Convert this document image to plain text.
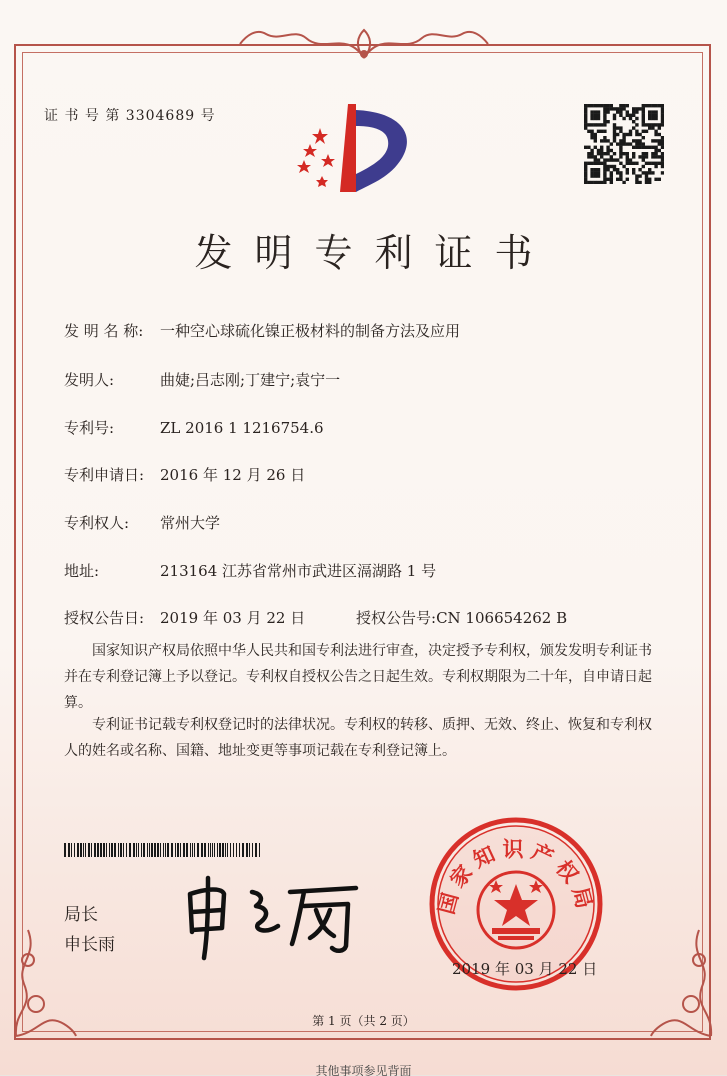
证 书 号 第 3304689 号
发明专利证书
发 明 名 称: 一种空心球硫化镍正极材料的制备方法及应用
发明人:	曲婕;吕志刚;丁建宁;袁宁一
专利号:	ZL 2016 1 1216754.6
专利申请日: 2016 年 12 月 26 日
专利权人: 常州大学
地址:	213164 江苏省常州市武进区滆湖路 1 号
授权公告日: 2019 年 03 月 22 日	授权公告号:CN 106654262 B
国家知识产权局依照中华人民共和国专利法进行审查，决定授予专利权，颁发发明专利证书并在专利登记簿上予以登记。专利权自授权公告之日起生效。专利权期限为二十年，自申请日起算。
专利证书记载专利权登记时的法律状况。专利权的转移、质押、无效、终止、恢复和专利权人的姓名或名称、国籍、地址变更等事项记载在专利登记簿上。
局长
申长雨
国家知识产权局
2019 年 03 月 22 日
第 1 页（共 2 页）
其他事项参见背面
